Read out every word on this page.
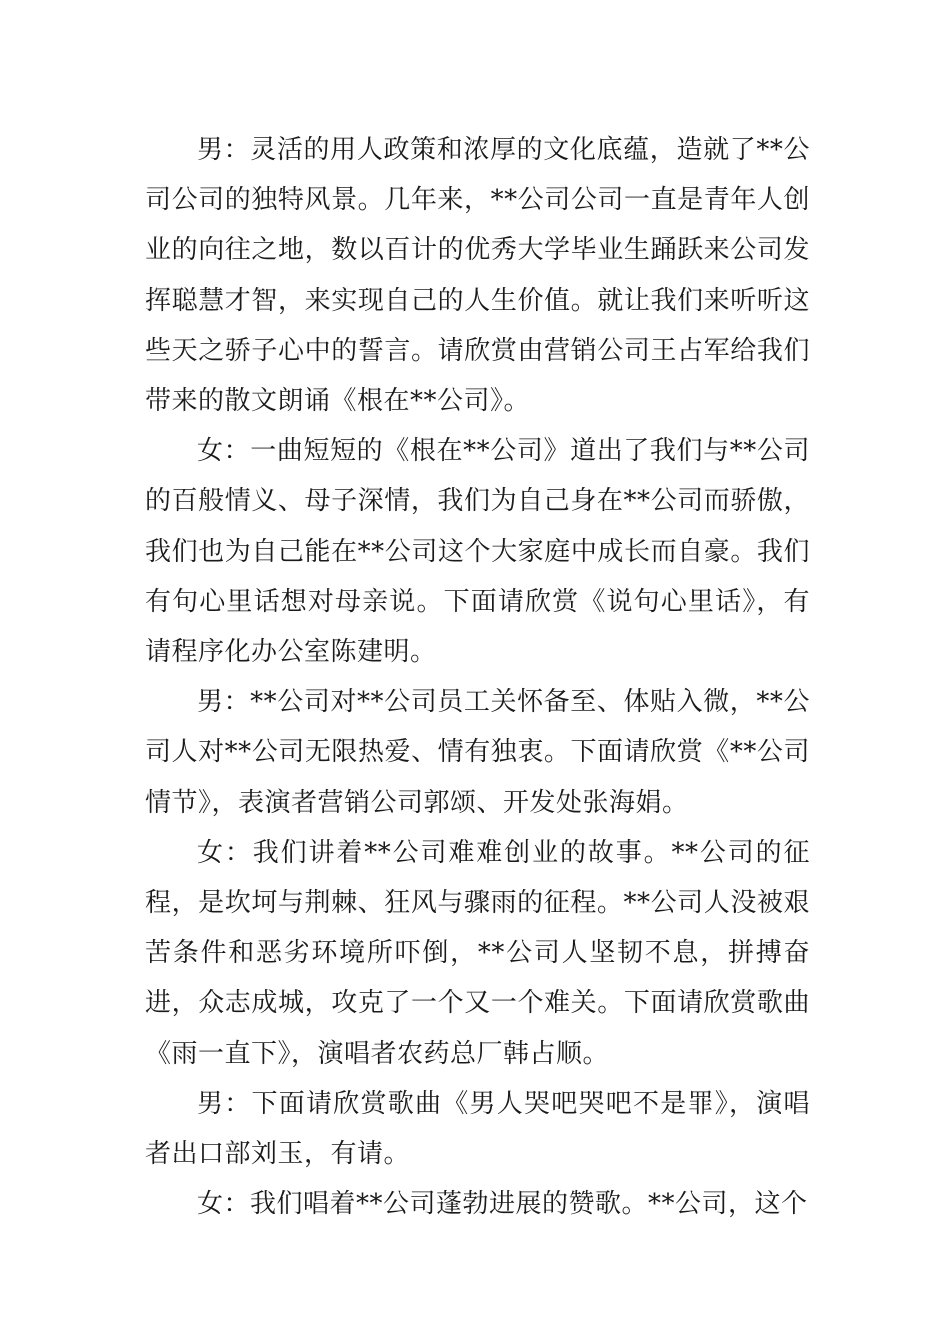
男：灵活的用人政策和浓厚的文化底蕴，造就了**公司公司的独特风景。几年来，**公司公司一直是青年人创业的向往之地，数以百计的优秀大学毕业生踊跃来公司发挥聪慧才智，来实现自己的人生价值。就让我们来听听这些天之骄子心中的誓言。请欣赏由营销公司王占军给我们带来的散文朗诵《根在**公司》。

女：一曲短短的《根在**公司》道出了我们与**公司的百般情义、母子深情，我们为自己身在**公司而骄傲，我们也为自己能在**公司这个大家庭中成长而自豪。我们有句心里话想对母亲说。下面请欣赏《说句心里话》，有请程序化办公室陈建明。

男：**公司对**公司员工关怀备至、体贴入微，**公司人对**公司无限热爱、情有独衷。下面请欣赏《**公司情节》，表演者营销公司郭颂、开发处张海娟。

女：我们讲着**公司难难创业的故事。**公司的征程，是坎坷与荆棘、狂风与骤雨的征程。**公司人没被艰苦条件和恶劣环境所吓倒，**公司人坚韧不息，拼搏奋进，众志成城，攻克了一个又一个难关。下面请欣赏歌曲《雨一直下》，演唱者农药总厂韩占顺。

男：下面请欣赏歌曲《男人哭吧哭吧不是罪》，演唱者出口部刘玉，有请。

女：我们唱着**公司蓬勃进展的赞歌。**公司，这个
